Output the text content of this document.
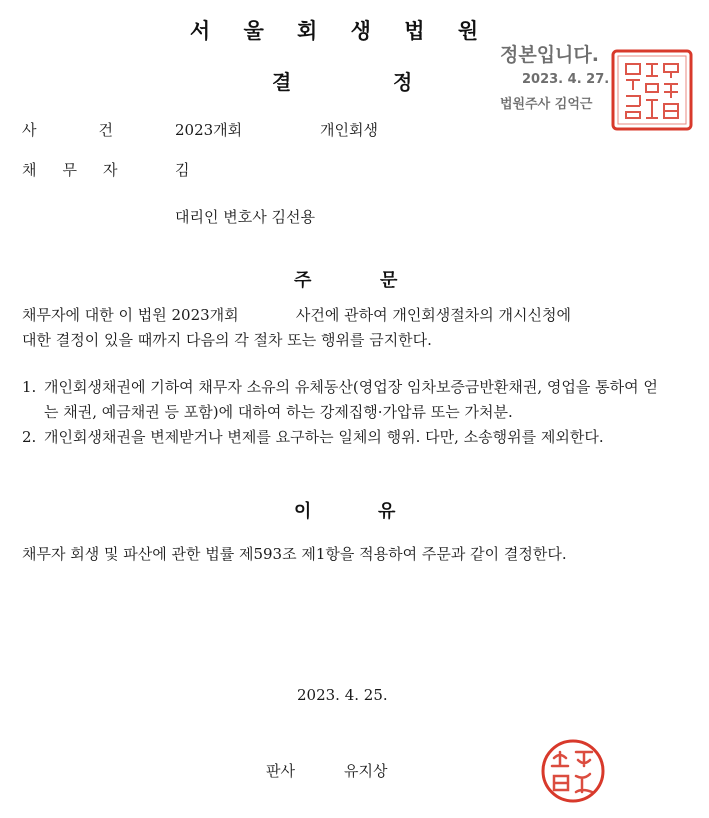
서 울 회 생 법 원
결	정
정본입니다.
2023. 4. 27.
법원주사 김억근
사	건	2023개회	개인회생
채 무 자	김
대리인 변호사 김선용
주	문
채무자에 대한 이 법원 2023개회            사건에 관하여 개인회생절차의 개시신청에
대한 결정이 있을 때까지 다음의 각 절차 또는 행위를 금지한다.
1. 개인회생채권에 기하여 채무자 소유의 유체동산(영업장 임차보증금반환채권, 영업을 통하여 얻는 채권, 예금채권 등 포함)에 대하여 하는 강제집행·가압류 또는 가처분.
2. 개인회생채권을 변제받거나 변제를 요구하는 일체의 행위. 다만, 소송행위를 제외한다.
이	유
채무자 회생 및 파산에 관한 법률 제593조 제1항을 적용하여 주문과 같이 결정한다.
2023. 4. 25.
판사	유지상
